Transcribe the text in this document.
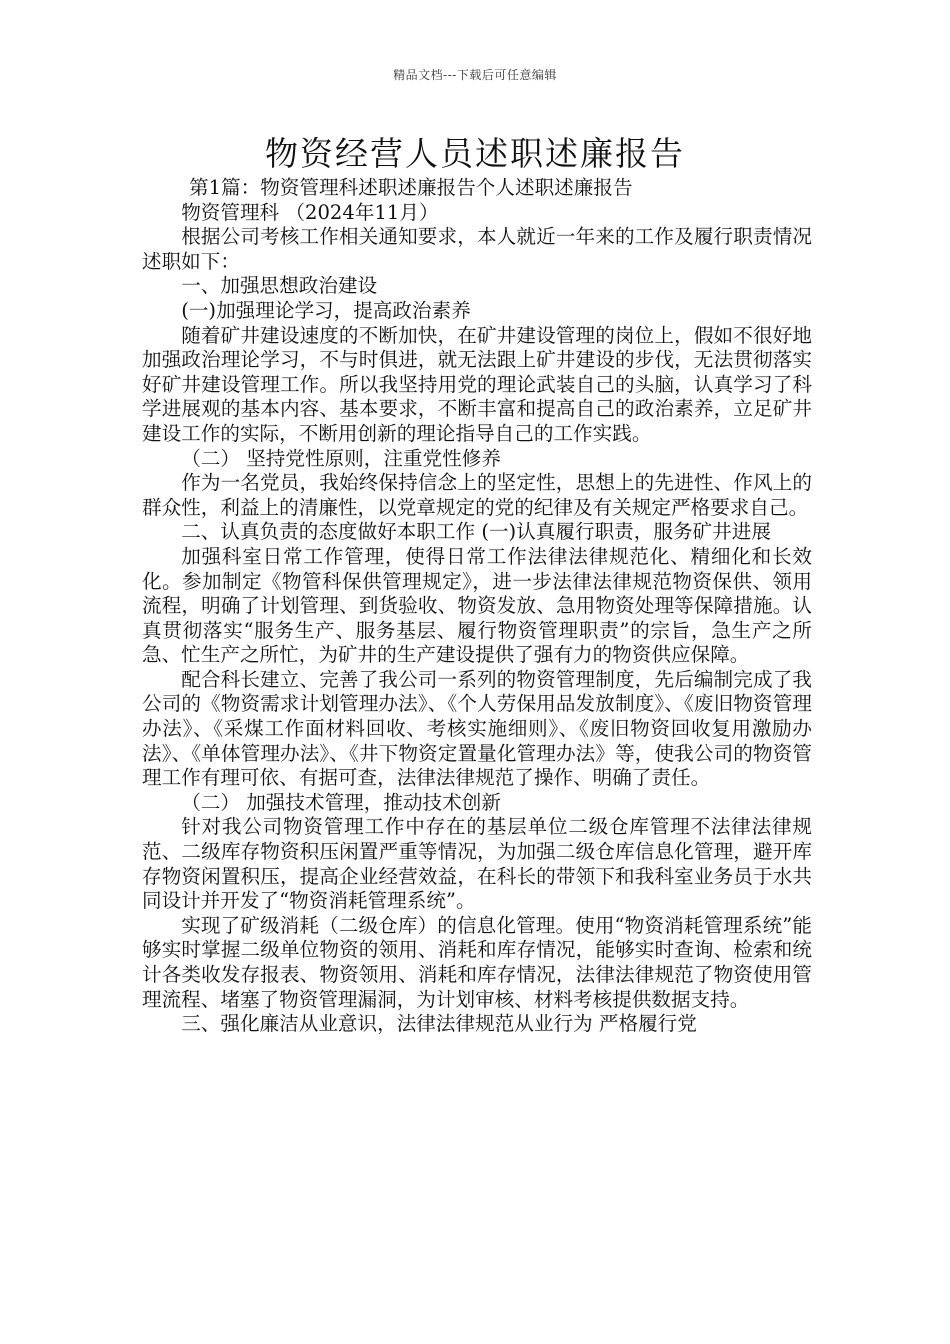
精品文档---下载后可任意编辑
物资经营人员述职述廉报告

第1篇：物资管理科述职述廉报告个人述职述廉报告

物资管理科 （2024年11月）

根据公司考核工作相关通知要求，本人就近一年来的工作及履行职责情况述职如下：

一、加强思想政治建设

(一)加强理论学习，提高政治素养

随着矿井建设速度的不断加快，在矿井建设管理的岗位上，假如不很好地加强政治理论学习，不与时俱进，就无法跟上矿井建设的步伐，无法贯彻落实好矿井建设管理工作。所以我坚持用党的理论武装自己的头脑，认真学习了科学进展观的基本内容、基本要求，不断丰富和提高自己的政治素养，立足矿井建设工作的实际，不断用创新的理论指导自己的工作实践。

（二） 坚持党性原则，注重党性修养

作为一名党员，我始终保持信念上的坚定性，思想上的先进性、作风上的群众性，利益上的清廉性，以党章规定的党的纪律及有关规定严格要求自己。

二、认真负责的态度做好本职工作 (一)认真履行职责，服务矿井进展

加强科室日常工作管理，使得日常工作法律法律规范化、精细化和长效化。参加制定《物管科保供管理规定》，进一步法律法律规范物资保供、领用流程，明确了计划管理、到货验收、物资发放、急用物资处理等保障措施。认真贯彻落实“服务生产、服务基层、履行物资管理职责”的宗旨，急生产之所急、忙生产之所忙，为矿井的生产建设提供了强有力的物资供应保障。

配合科长建立、完善了我公司一系列的物资管理制度，先后编制完成了我公司的《物资需求计划管理办法》、《个人劳保用品发放制度》、《废旧物资管理办法》、《采煤工作面材料回收、考核实施细则》、《废旧物资回收复用激励办法》、《单体管理办法》、《井下物资定置量化管理办法》等，使我公司的物资管理工作有理可依、有据可查，法律法律规范了操作、明确了责任。

（二） 加强技术管理，推动技术创新

针对我公司物资管理工作中存在的基层单位二级仓库管理不法律法律规范、二级库存物资积压闲置严重等情况，为加强二级仓库信息化管理，避开库存物资闲置积压，提高企业经营效益，在科长的带领下和我科室业务员于水共同设计并开发了“物资消耗管理系统”。

实现了矿级消耗（二级仓库）的信息化管理。使用“物资消耗管理系统”能够实时掌握二级单位物资的领用、消耗和库存情况，能够实时查询、检索和统计各类收发存报表、物资领用、消耗和库存情况，法律法律规范了物资使用管理流程、堵塞了物资管理漏洞，为计划审核、材料考核提供数据支持。

三、强化廉洁从业意识，法律法律规范从业行为 严格履行党
